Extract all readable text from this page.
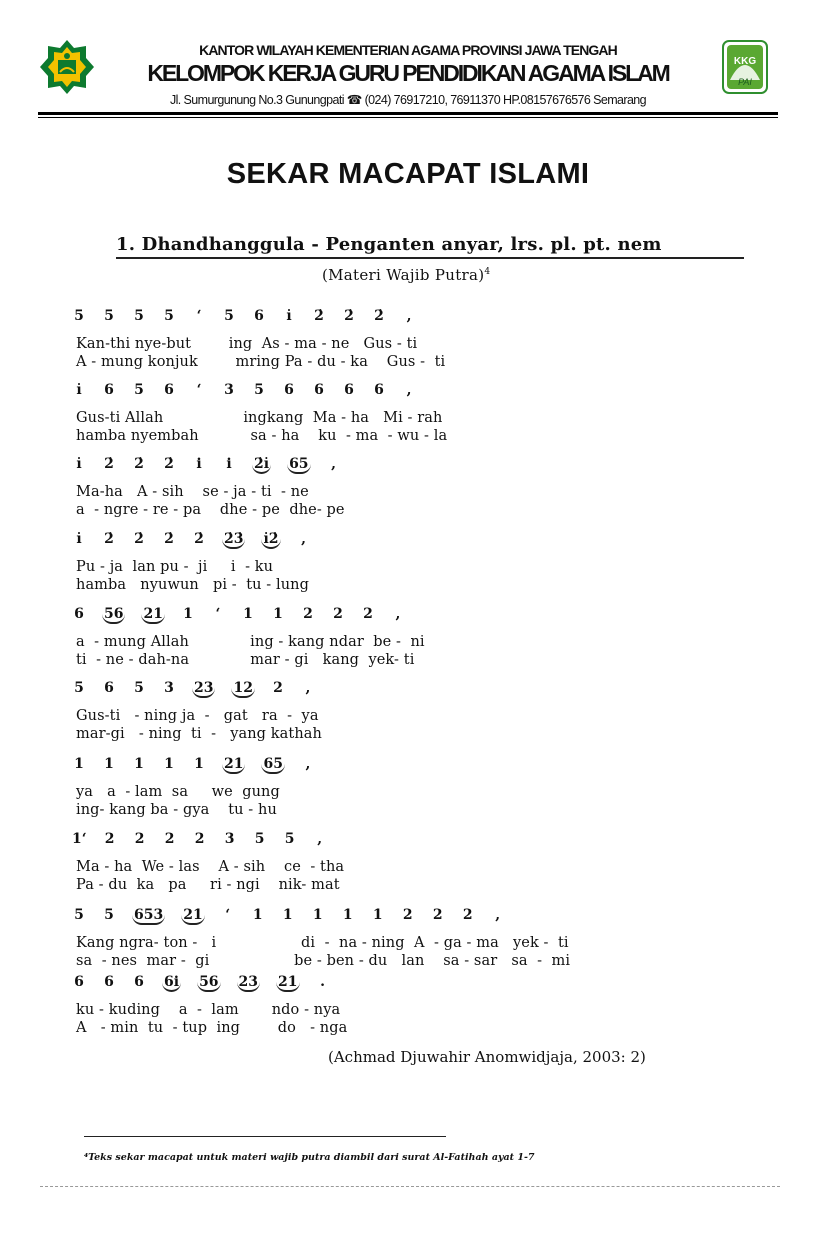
KANTOR WILAYAH KEMENTERIAN AGAMA PROVINSI JAWA TENGAH
KELOMPOK KERJA GURU PENDIDIKAN AGAMA ISLAM
Jl. Sumurgunung No.3 Gunungpati ☎ (024) 76917210, 76911370 HP.08157676576 Semarang
KKG
PAI
SEKAR MACAPAT ISLAMI
1. Dhandhanggula - Penganten anyar, lrs. pl. pt. nem
(Materi Wajib Putra)$^4$
5 5 5 5 ‘ 5 6 i̇ 2̇ 2̇ 2̇ ,
Kan-thi nye-but        ing  As - ma - ne   Gus - ti
A - mung konjuk        mring Pa - du - ka    Gus -  ti
i̇ 6 5 6 ‘ 3 5 6 6 6 6 ,
Gus-ti Allah                 ingkang  Ma - ha   Mi - rah
hamba nyembah           sa - ha    ku  - ma  - wu - la
i̇ 2̇ 2̇ 2̇ i i 2̇i̇ 65 ,
Ma-ha   A - sih    se - ja - ti  - ne
a  - ngre - re - pa    dhe - pe  dhe- pe
i̇ 2̇ 2̇ 2̇ 2̇ 2̇3̇ i̇2̇ ,
Pu - ja  lan pu -  ji     i  - ku
hamba   nyuwun   pi -  tu - lung
6 56 21 1 ‘ 1 1 2 2 2 ,
a  - mung Allah             ing - kang ndar  be -  ni
ti  - ne - dah-na             mar - gi   kang  yek- ti
5 6 5 3 23 12 2 ,
Gus-ti   - ning ja  -   gat   ra  -  ya
mar-gi   - ning  ti  -   yang kathah
1 1 1 1 1 21 65 ,
ya   a  - lam  sa     we  gung
ing- kang ba - gya    tu - hu
1‘ 2 2 2 2 3 5 5 ,
Ma - ha  We - las    A - sih    ce  - tha
Pa - du  ka   pa     ri - ngi    nik- mat
5 5 653 21 ‘ 1 1 1 1 1 2 2 2 ,
Kang ngra- ton -   i                  di  -  na - ning  A  - ga - ma   yek -  ti
sa  - nes  mar -  gi                  be - ben - du   lan    sa - sar   sa  -  mi
6 6 6 6i 56 23 21 .
ku - kuding    a  -  lam       ndo - nya
A   - min  tu  - tup  ing        do   - nga
(Achmad Djuwahir Anomwidjaja, 2003: 2)
⁴Teks sekar macapat untuk materi wajib putra diambil dari surat Al-Fatihah ayat 1-7
